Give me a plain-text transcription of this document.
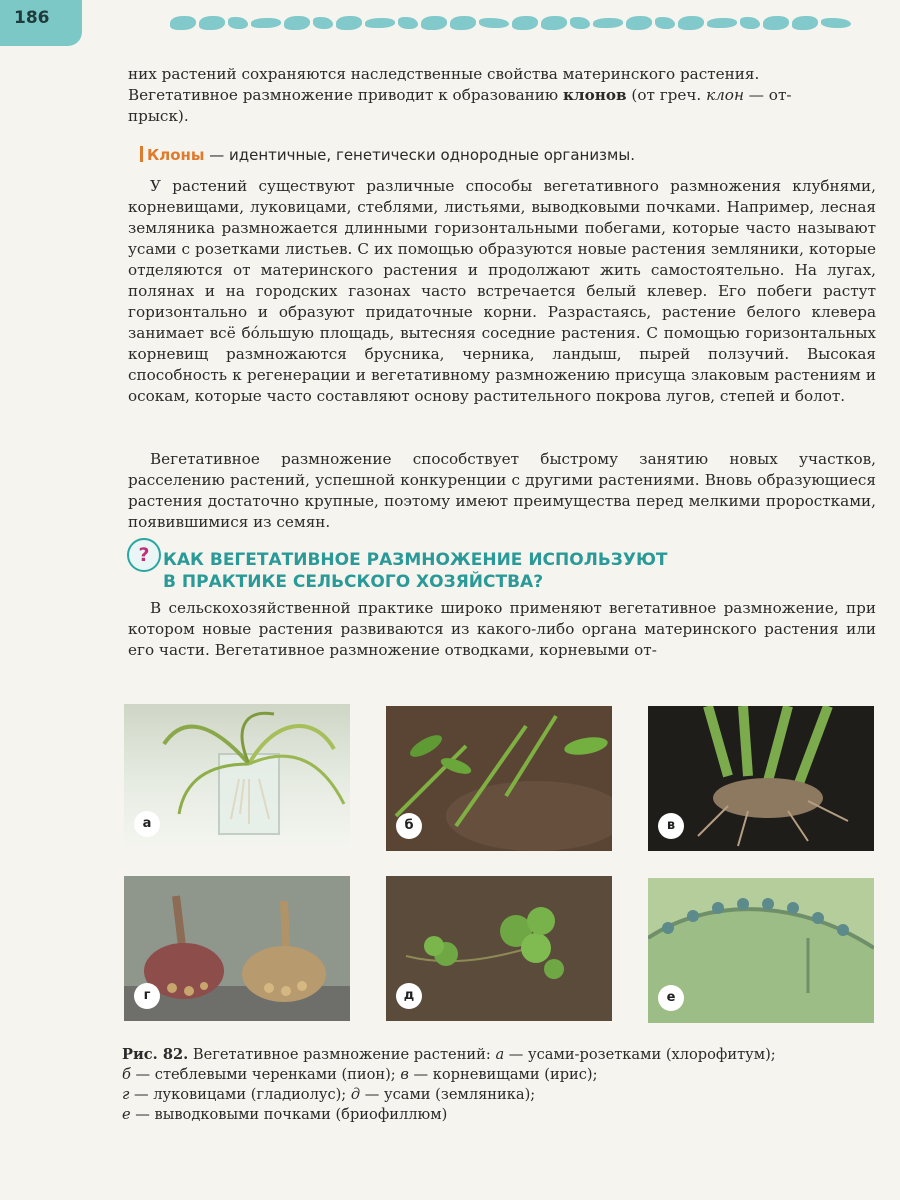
186

них растений сохраняются наследственные свойства материнского растения.

Вегетативное размножение приводит к образованию клонов (от греч. клон — от-

прыск).

Клоны — идентичные, генетически однородные организмы.

У растений существуют различные способы вегетативного размножения клубнями, корневищами, луковицами, стеблями, листьями, выводковыми почками. Например, лесная земляника размножается длинными горизонтальными побегами, которые часто называют усами с розетками листьев. С их помощью образуются новые растения земляники, которые отделяются от материнского растения и продолжают жить самостоятельно. На лугах, полянах и на городских газонах часто встречается белый клевер. Его побеги растут горизонтально и образуют придаточные корни. Разрастаясь, растение белого клевера занимает всё бóльшую площадь, вытесняя соседние растения. С помощью горизонтальных корневищ размножаются брусника, черника, ландыш, пырей ползучий. Высокая способность к регенерации и вегетативному размножению присуща злаковым растениям и осокам, которые часто составляют основу растительного покрова лугов, степей и болот.

Вегетативное размножение способствует быстрому занятию новых участков, расселению растений, успешной конкуренции с другими растениями. Вновь образующиеся растения достаточно крупные, поэтому имеют преимущества перед мелкими проростками, появившимися из семян.

? КАК ВЕГЕТАТИВНОЕ РАЗМНОЖЕНИЕ ИСПОЛЬЗУЮТ
В ПРАКТИКЕ СЕЛЬСКОГО ХОЗЯЙСТВА?

В сельскохозяйственной практике широко применяют вегетативное размножение, при котором новые растения развиваются из какого-либо органа материнского растения или его части. Вегетативное размножение отводками, корневыми от-

а	б	в
г	д	е
Рис. 82. Вегетативное размножение растений: а — усами-розетками (хлорофитум);
б — стеблевыми черенками (пион); в — корневищами (ирис);
г — луковицами (гладиолус); д — усами (земляника);
е — выводковыми почками (бриофиллюм)
